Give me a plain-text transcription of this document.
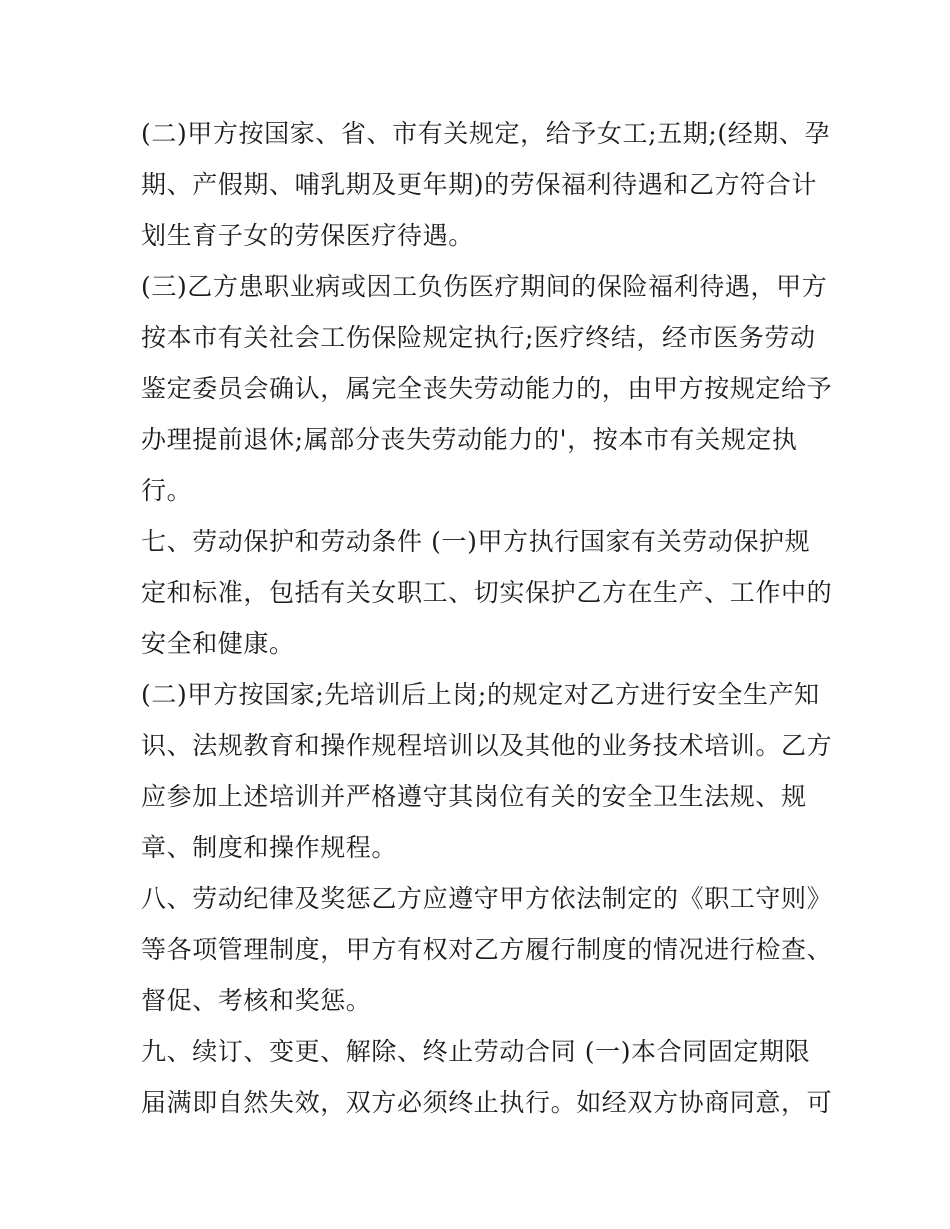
(二)甲方按国家、省、市有关规定，给予女工;五期;(经期、孕
期、产假期、哺乳期及更年期)的劳保福利待遇和乙方符合计
划生育子女的劳保医疗待遇。
(三)乙方患职业病或因工负伤医疗期间的保险福利待遇，甲方
按本市有关社会工伤保险规定执行;医疗终结，经市医务劳动
鉴定委员会确认，属完全丧失劳动能力的，由甲方按规定给予
办理提前退休;属部分丧失劳动能力的'，按本市有关规定执
行。
七、劳动保护和劳动条件 (一)甲方执行国家有关劳动保护规
定和标准，包括有关女职工、切实保护乙方在生产、工作中的
安全和健康。
(二)甲方按国家;先培训后上岗;的规定对乙方进行安全生产知
识、法规教育和操作规程培训以及其他的业务技术培训。乙方
应参加上述培训并严格遵守其岗位有关的安全卫生法规、规
章、制度和操作规程。
八、劳动纪律及奖惩乙方应遵守甲方依法制定的《职工守则》
等各项管理制度，甲方有权对乙方履行制度的情况进行检查、
督促、考核和奖惩。
九、续订、变更、解除、终止劳动合同 (一)本合同固定期限
届满即自然失效，双方必须终止执行。如经双方协商同意，可
